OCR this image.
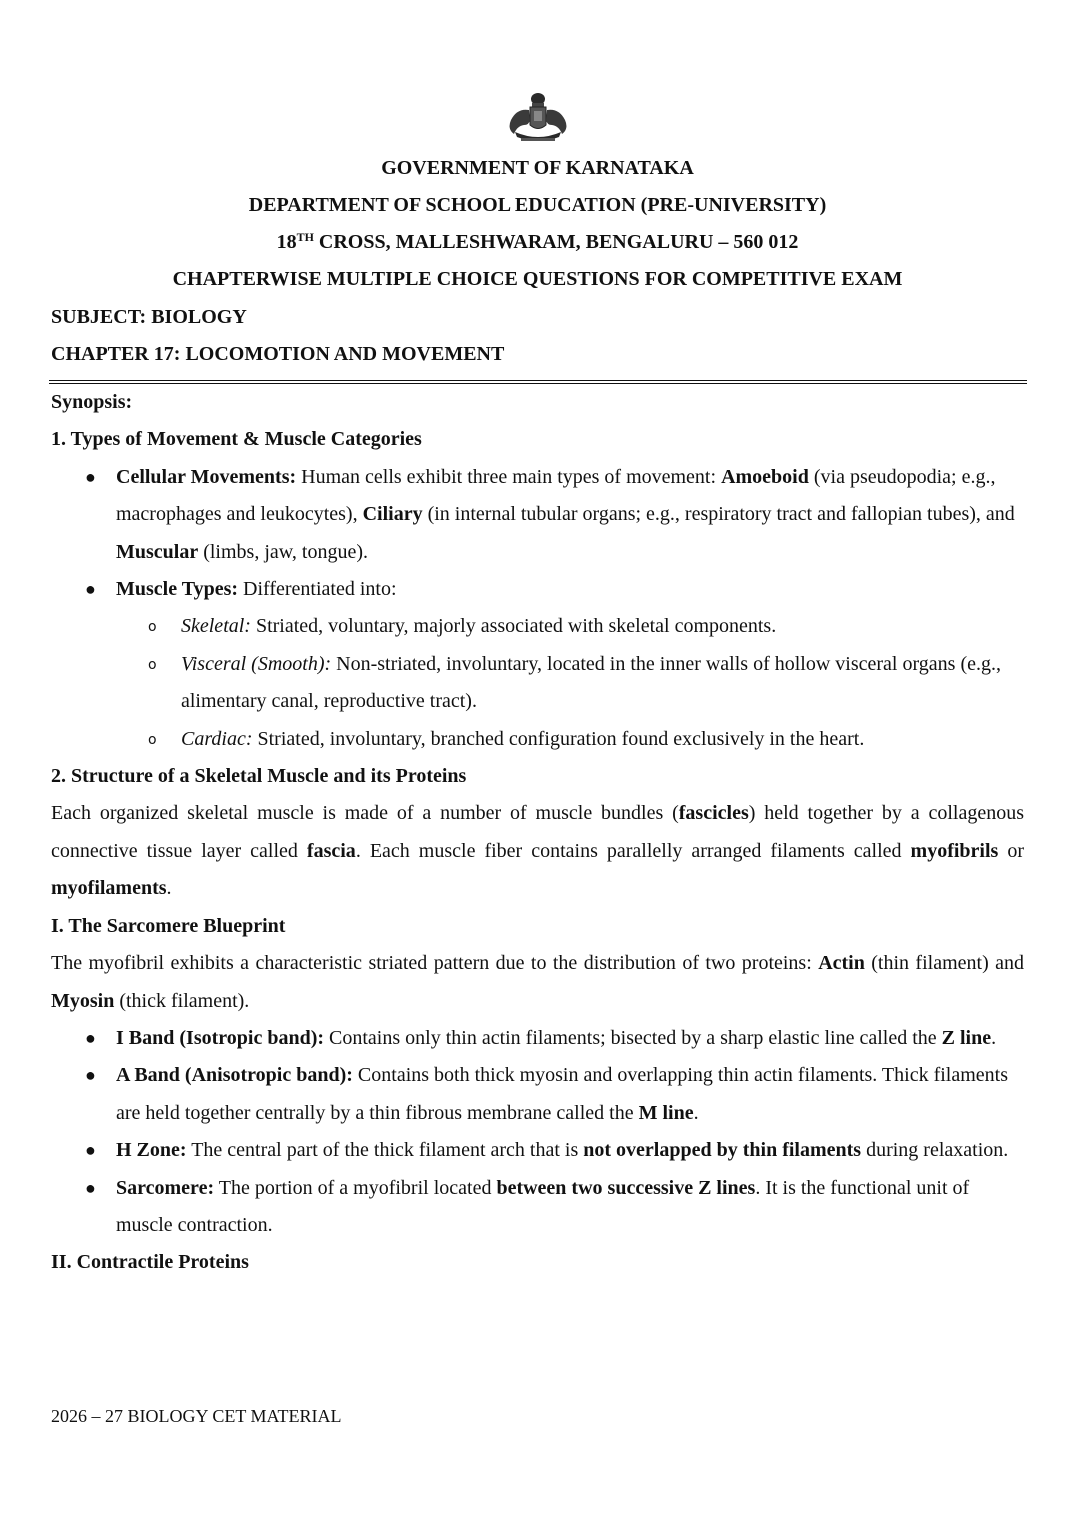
GOVERNMENT OF KARNATAKA
DEPARTMENT OF SCHOOL EDUCATION (PRE-UNIVERSITY)
18TH CROSS, MALLESHWARAM, BENGALURU – 560 012
CHAPTERWISE MULTIPLE CHOICE QUESTIONS FOR COMPETITIVE EXAM
SUBJECT: BIOLOGY
CHAPTER 17: LOCOMOTION AND MOVEMENT
Synopsis:
1. Types of Movement & Muscle Categories
● Cellular Movements: Human cells exhibit three main types of movement: Amoeboid (via pseudopodia; e.g., macrophages and leukocytes), Ciliary (in internal tubular organs; e.g., respiratory tract and fallopian tubes), and Muscular (limbs, jaw, tongue).
● Muscle Types: Differentiated into:
o Skeletal: Striated, voluntary, majorly associated with skeletal components.
o Visceral (Smooth): Non-striated, involuntary, located in the inner walls of hollow visceral organs (e.g., alimentary canal, reproductive tract).
o Cardiac: Striated, involuntary, branched configuration found exclusively in the heart.
2. Structure of a Skeletal Muscle and its Proteins

Each organized skeletal muscle is made of a number of muscle bundles (fascicles) held together by a collagenous connective tissue layer called fascia. Each muscle fiber contains parallelly arranged filaments called myofibrils or myofilaments.

I. The Sarcomere Blueprint

The myofibril exhibits a characteristic striated pattern due to the distribution of two proteins: Actin (thin filament) and Myosin (thick filament).

● I Band (Isotropic band): Contains only thin actin filaments; bisected by a sharp elastic line called the Z line.
● A Band (Anisotropic band): Contains both thick myosin and overlapping thin actin filaments. Thick filaments are held together centrally by a thin fibrous membrane called the M line.
● H Zone: The central part of the thick filament arch that is not overlapped by thin filaments during relaxation.
● Sarcomere: The portion of a myofibril located between two successive Z lines. It is the functional unit of muscle contraction.
II. Contractile Proteins
2026 – 27 BIOLOGY CET MATERIAL
